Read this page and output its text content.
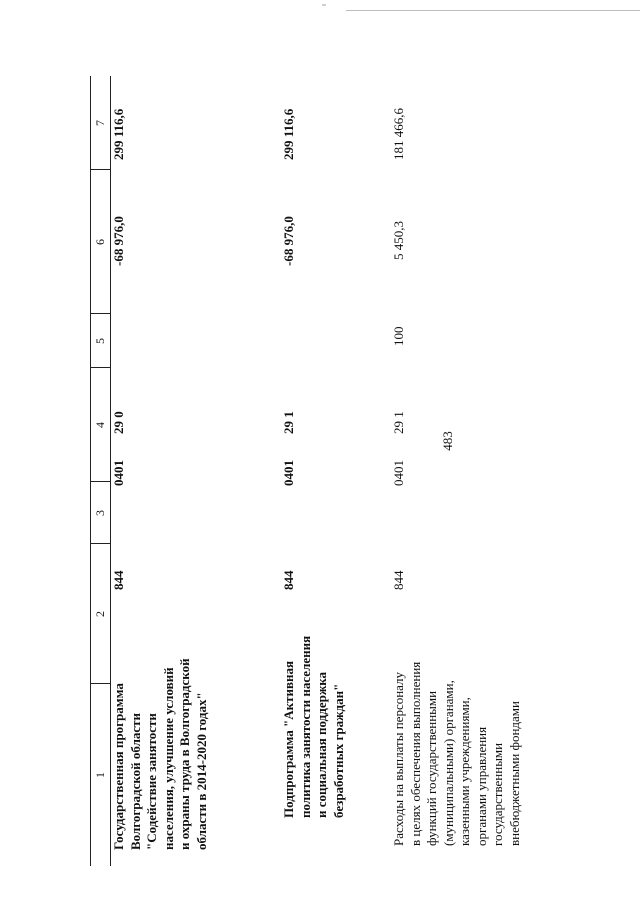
483
1
2
3
4
5
6
7
Государственная программа Волгоградской области "Содействие занятости населения, улучшение условий и охраны труда в Волгоградской области в 2014-2020 годах"
844
0401
29 0
-68 976,0
299 116,6
Подпрограмма "Активная политика занятости населения и социальная поддержка безработных граждан"
844
0401
29 1
-68 976,0
299 116,6
Расходы на выплаты персоналу в целях обеспечения выполнения функций государственными (муниципальными) органами, казенными учреждениями, органами управления государственными внебюджетными фондами
844
0401
29 1
100
5 450,3
181 466,6
